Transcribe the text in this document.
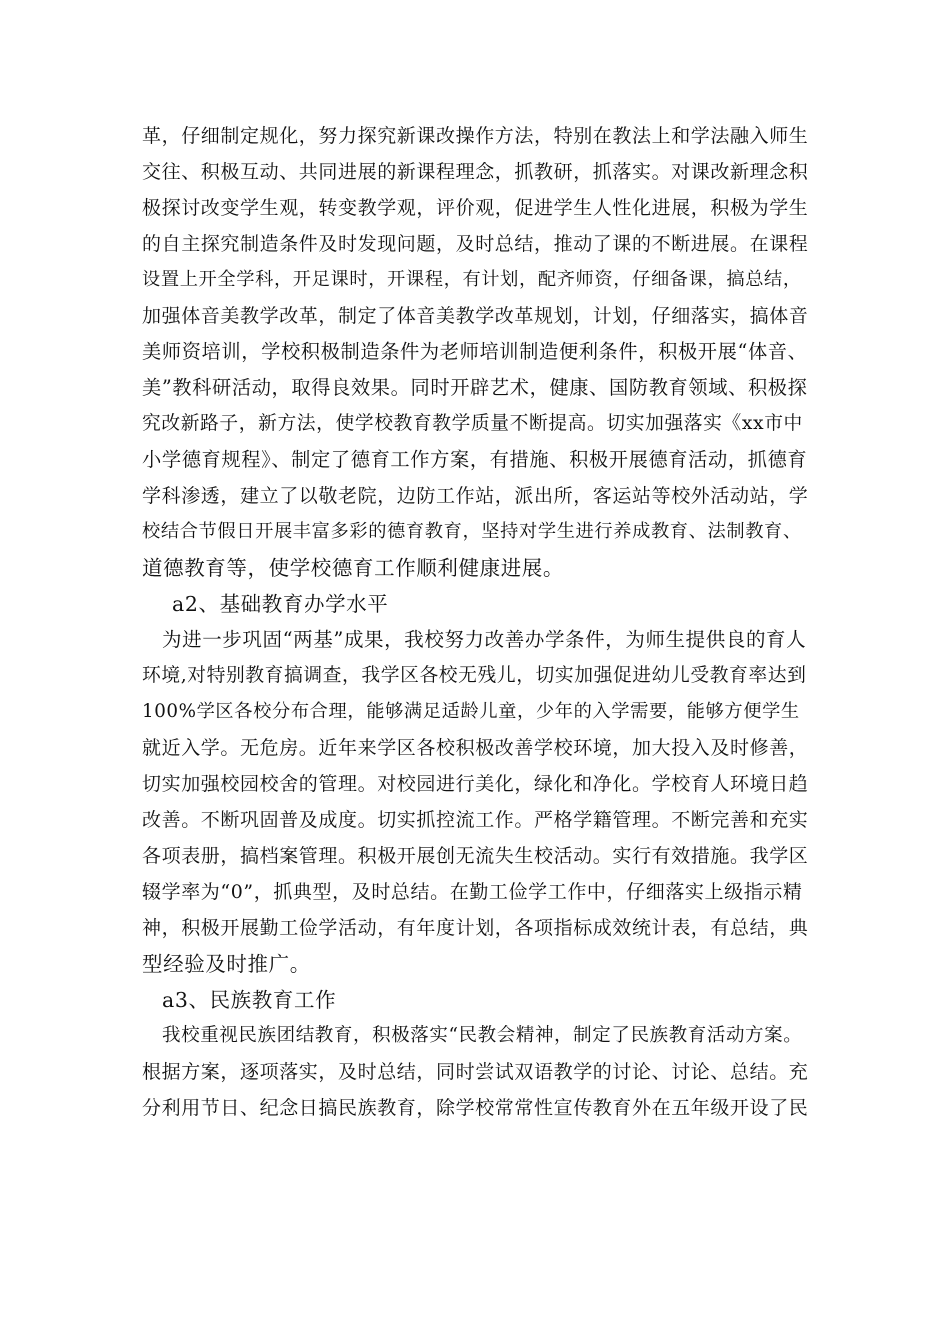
革，仔细制定规化，努力探究新课改操作方法，特别在教法上和学法融入师生
交往、积极互动、共同进展的新课程理念，抓教研，抓落实。对课改新理念积
极探讨改变学生观，转变教学观，评价观，促进学生人性化进展，积极为学生
的自主探究制造条件及时发现问题，及时总结，推动了课的不断进展。在课程
设置上开全学科，开足课时，开课程，有计划，配齐师资，仔细备课，搞总结，
加强体音美教学改革，制定了体音美教学改革规划，计划，仔细落实，搞体音
美师资培训，学校积极制造条件为老师培训制造便利条件，积极开展“体音、
美”教科研活动，取得良效果。同时开辟艺术，健康、国防教育领域、积极探
究改新路子，新方法，使学校教育教学质量不断提高。切实加强落实《xx市中
小学德育规程》、制定了德育工作方案，有措施、积极开展德育活动，抓德育
学科渗透，建立了以敬老院，边防工作站，派出所，客运站等校外活动站，学
校结合节假日开展丰富多彩的德育教育，坚持对学生进行养成教育、法制教育、
道德教育等，使学校德育工作顺利健康进展。
a2、基础教育办学水平
为进一步巩固“两基”成果，我校努力改善办学条件，为师生提供良的育人
环境,对特别教育搞调查，我学区各校无残儿，切实加强促进幼儿受教育率达到
100%学区各校分布合理，能够满足适龄儿童，少年的入学需要，能够方便学生
就近入学。无危房。近年来学区各校积极改善学校环境，加大投入及时修善，
切实加强校园校舍的管理。对校园进行美化，绿化和净化。学校育人环境日趋
改善。不断巩固普及成度。切实抓控流工作。严格学籍管理。不断完善和充实
各项表册，搞档案管理。积极开展创无流失生校活动。实行有效措施。我学区
辍学率为“0”，抓典型，及时总结。在勤工俭学工作中，仔细落实上级指示精
神，积极开展勤工俭学活动，有年度计划，各项指标成效统计表，有总结，典
型经验及时推广。
a3、民族教育工作
我校重视民族团结教育，积极落实“民教会精神，制定了民族教育活动方案。
根据方案，逐项落实，及时总结，同时尝试双语教学的讨论、讨论、总结。充
分利用节日、纪念日搞民族教育，除学校常常性宣传教育外在五年级开设了民
